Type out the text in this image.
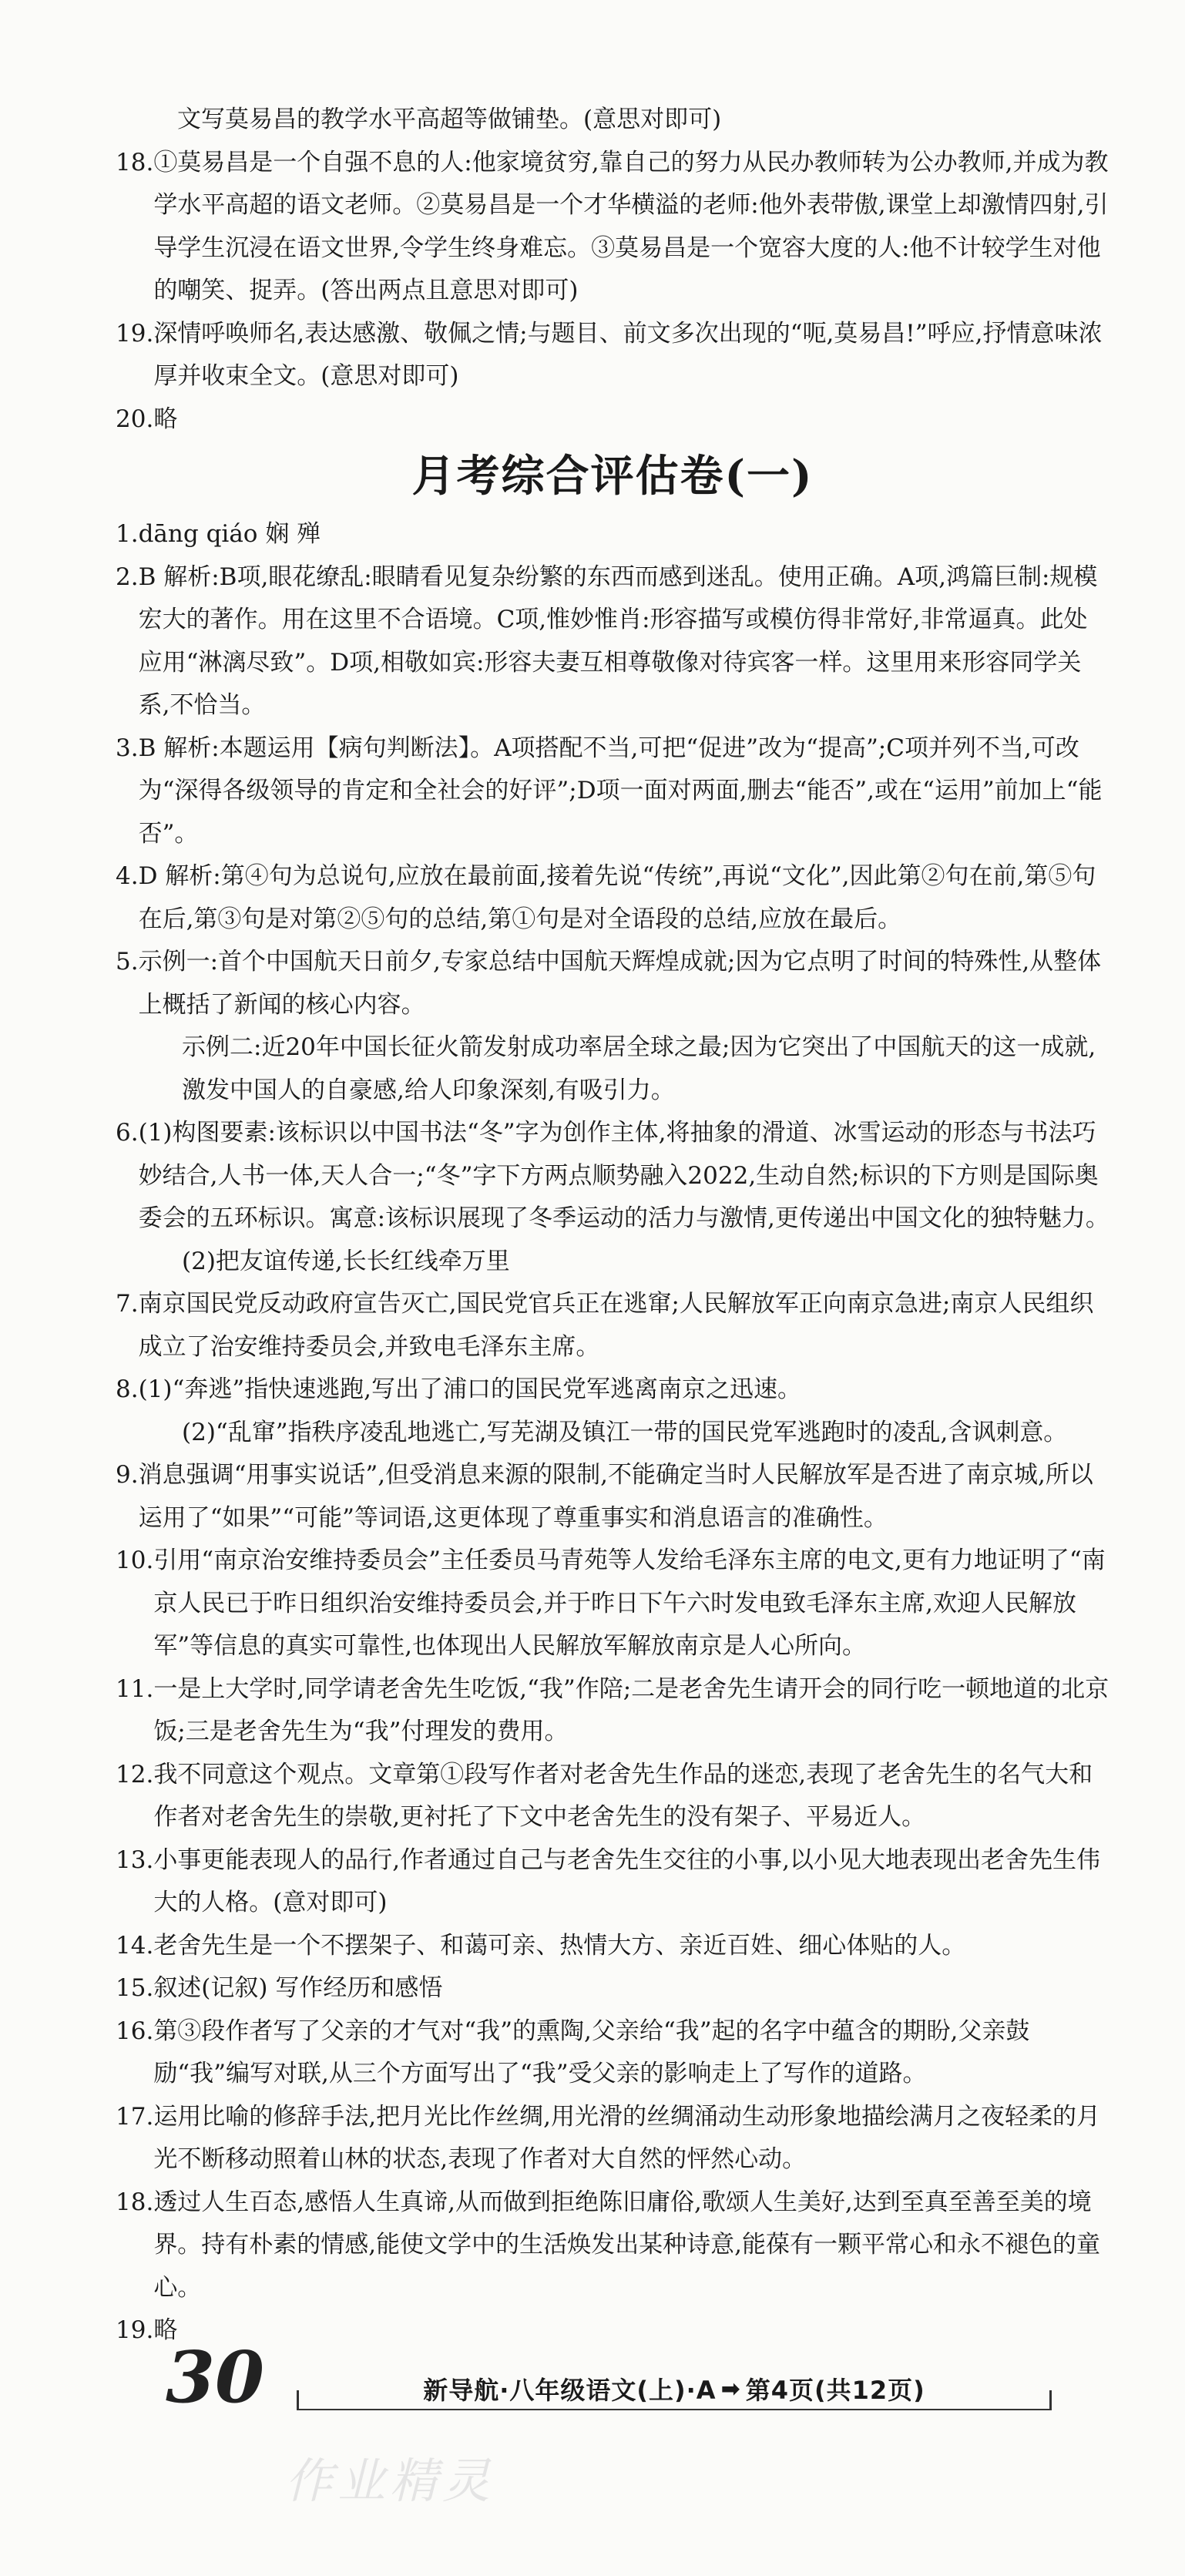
文写莫易昌的教学水平高超等做铺垫。(意思对即可)
18. ①莫易昌是一个自强不息的人:他家境贫穷,靠自己的努力从民办教师转为公办教师,并成为教学水平高超的语文老师。②莫易昌是一个才华横溢的老师:他外表带傲,课堂上却激情四射,引导学生沉浸在语文世界,令学生终身难忘。③莫易昌是一个宽容大度的人:他不计较学生对他的嘲笑、捉弄。(答出两点且意思对即可)
19. 深情呼唤师名,表达感激、敬佩之情;与题目、前文多次出现的“呃,莫易昌!”呼应,抒情意味浓厚并收束全文。(意思对即可)
20. 略
月考综合评估卷(一)
1. dāng qiáo 娴 殚
2. B 解析:B项,眼花缭乱:眼睛看见复杂纷繁的东西而感到迷乱。使用正确。A项,鸿篇巨制:规模宏大的著作。用在这里不合语境。C项,惟妙惟肖:形容描写或模仿得非常好,非常逼真。此处应用“淋漓尽致”。D项,相敬如宾:形容夫妻互相尊敬像对待宾客一样。这里用来形容同学关系,不恰当。
3. B 解析:本题运用【病句判断法】。A项搭配不当,可把“促进”改为“提高”;C项并列不当,可改为“深得各级领导的肯定和全社会的好评”;D项一面对两面,删去“能否”,或在“运用”前加上“能否”。
4. D 解析:第④句为总说句,应放在最前面,接着先说“传统”,再说“文化”,因此第②句在前,第⑤句在后,第③句是对第②⑤句的总结,第①句是对全语段的总结,应放在最后。
5. 示例一:首个中国航天日前夕,专家总结中国航天辉煌成就;因为它点明了时间的特殊性,从整体上概括了新闻的核心内容。
示例二:近20年中国长征火箭发射成功率居全球之最;因为它突出了中国航天的这一成就,激发中国人的自豪感,给人印象深刻,有吸引力。
6. (1)构图要素:该标识以中国书法“冬”字为创作主体,将抽象的滑道、冰雪运动的形态与书法巧妙结合,人书一体,天人合一;“冬”字下方两点顺势融入2022,生动自然;标识的下方则是国际奥委会的五环标识。寓意:该标识展现了冬季运动的活力与激情,更传递出中国文化的独特魅力。
(2)把友谊传递,长长红线牵万里
7. 南京国民党反动政府宣告灭亡,国民党官兵正在逃窜;人民解放军正向南京急进;南京人民组织成立了治安维持委员会,并致电毛泽东主席。
8. (1)“奔逃”指快速逃跑,写出了浦口的国民党军逃离南京之迅速。
(2)“乱窜”指秩序凌乱地逃亡,写芜湖及镇江一带的国民党军逃跑时的凌乱,含讽刺意。
9. 消息强调“用事实说话”,但受消息来源的限制,不能确定当时人民解放军是否进了南京城,所以运用了“如果”“可能”等词语,这更体现了尊重事实和消息语言的准确性。
10. 引用“南京治安维持委员会”主任委员马青苑等人发给毛泽东主席的电文,更有力地证明了“南京人民已于昨日组织治安维持委员会,并于昨日下午六时发电致毛泽东主席,欢迎人民解放军”等信息的真实可靠性,也体现出人民解放军解放南京是人心所向。
11. 一是上大学时,同学请老舍先生吃饭,“我”作陪;二是老舍先生请开会的同行吃一顿地道的北京饭;三是老舍先生为“我”付理发的费用。
12. 我不同意这个观点。文章第①段写作者对老舍先生作品的迷恋,表现了老舍先生的名气大和作者对老舍先生的崇敬,更衬托了下文中老舍先生的没有架子、平易近人。
13. 小事更能表现人的品行,作者通过自己与老舍先生交往的小事,以小见大地表现出老舍先生伟大的人格。(意对即可)
14. 老舍先生是一个不摆架子、和蔼可亲、热情大方、亲近百姓、细心体贴的人。
15. 叙述(记叙) 写作经历和感悟
16. 第③段作者写了父亲的才气对“我”的熏陶,父亲给“我”起的名字中蕴含的期盼,父亲鼓励“我”编写对联,从三个方面写出了“我”受父亲的影响走上了写作的道路。
17. 运用比喻的修辞手法,把月光比作丝绸,用光滑的丝绸涌动生动形象地描绘满月之夜轻柔的月光不断移动照着山林的状态,表现了作者对大自然的怦然心动。
18. 透过人生百态,感悟人生真谛,从而做到拒绝陈旧庸俗,歌颂人生美好,达到至真至善至美的境界。持有朴素的情感,能使文学中的生活焕发出某种诗意,能葆有一颗平常心和永不褪色的童心。
19. 略
30	新导航·八年级语文(上)·A ➡ 第4页(共12页)
作业精灵
